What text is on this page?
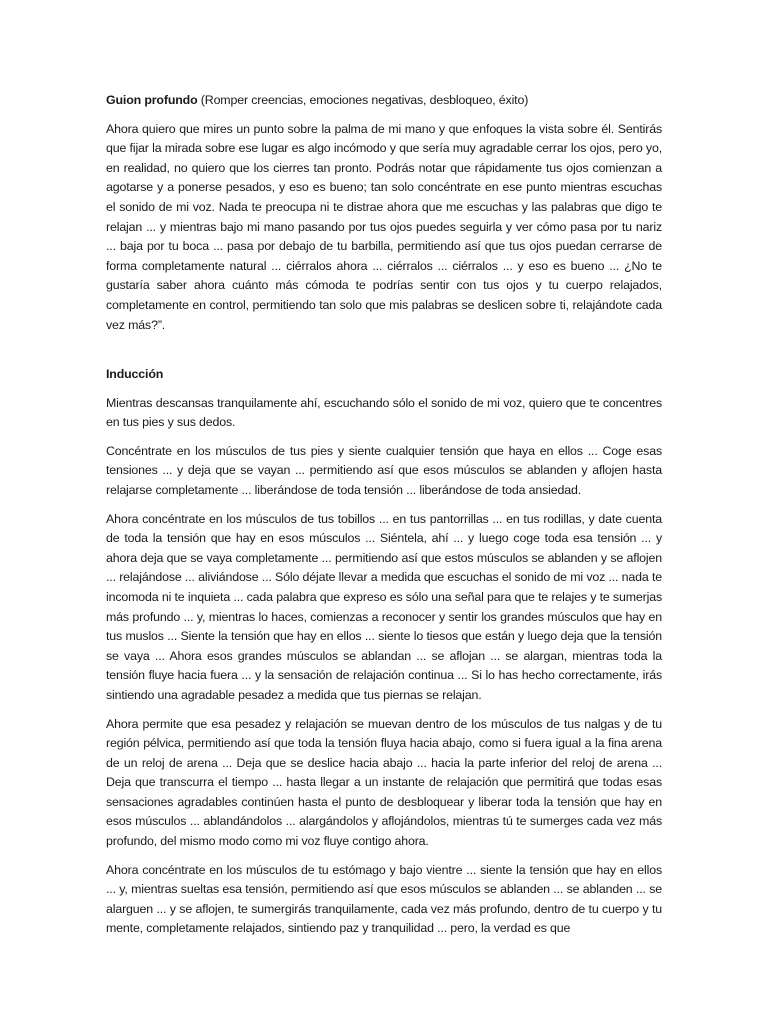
Guion profundo (Romper creencias, emociones negativas, desbloqueo, éxito)

Ahora quiero que mires un punto sobre la palma de mi mano y que enfoques la vista sobre él. Sentirás que fijar la mirada sobre ese lugar es algo incómodo y que sería muy agradable cerrar los ojos, pero yo, en realidad, no quiero que los cierres tan pronto. Podrás notar que rápidamente tus ojos comienzan a agotarse y a ponerse pesados, y eso es bueno; tan solo concéntrate en ese punto mientras escuchas el sonido de mi voz. Nada te preocupa ni te distrae ahora que me escuchas y las palabras que digo te relajan ... y mientras bajo mi mano pasando por tus ojos puedes seguirla y ver cómo pasa por tu nariz ... baja por tu boca ... pasa por debajo de tu barbilla, permitiendo así que tus ojos puedan cerrarse de forma completamente natural ... ciérralos ahora ... ciérralos ... ciérralos ... y eso es bueno ... ¿No te gustaría saber ahora cuánto más cómoda te podrías sentir con tus ojos y tu cuerpo relajados, completamente en control, permitiendo tan solo que mis palabras se deslicen sobre ti, relajándote cada vez más?”.

Inducción

Mientras descansas tranquilamente ahí, escuchando sólo el sonido de mi voz, quiero que te concentres en tus pies y sus dedos.

Concéntrate en los músculos de tus pies y siente cualquier tensión que haya en ellos ... Coge esas tensiones ... y deja que se vayan ... permitiendo así que esos músculos se ablanden y aflojen hasta relajarse completamente ... liberándose de toda tensión ... liberándose de toda ansiedad.

Ahora concéntrate en los músculos de tus tobillos ... en tus pantorrillas ... en tus rodillas, y date cuenta de toda la tensión que hay en esos músculos ... Siéntela, ahí ... y luego coge toda esa tensión ... y ahora deja que se vaya completamente ... permitiendo así que estos músculos se ablanden y se aflojen ... relajándose ... aliviándose ... Sólo déjate llevar a medida que escuchas el sonido de mi voz ... nada te incomoda ni te inquieta ... cada palabra que expreso es sólo una señal para que te relajes y te sumerjas más profundo ... y, mientras lo haces, comienzas a reconocer y sentir los grandes músculos que hay en tus muslos ... Siente la tensión que hay en ellos ... siente lo tiesos que están y luego deja que la tensión se vaya ... Ahora esos grandes músculos se ablandan ... se aflojan ... se alargan, mientras toda la tensión fluye hacia fuera ... y la sensación de relajación continua ... Si lo has hecho correctamente, irás sintiendo una agradable pesadez a medida que tus piernas se relajan.

Ahora permite que esa pesadez y relajación se muevan dentro de los músculos de tus nalgas y de tu región pélvica, permitiendo así que toda la tensión fluya hacia abajo, como si fuera igual a la fina arena de un reloj de arena ... Deja que se deslice hacia abajo ... hacia la parte inferior del reloj de arena ... Deja que transcurra el tiempo ... hasta llegar a un instante de relajación que permitirá que todas esas sensaciones agradables continúen hasta el punto de desbloquear y liberar toda la tensión que hay en esos músculos ... ablandándolos ... alargándolos y aflojándolos, mientras tú te sumerges cada vez más profundo, del mismo modo como mi voz fluye contigo ahora.

Ahora concéntrate en los músculos de tu estómago y bajo vientre ... siente la tensión que hay en ellos ... y, mientras sueltas esa tensión, permitiendo así que esos músculos se ablanden ... se ablanden ... se alarguen ... y se aflojen, te sumergirás tranquilamente, cada vez más profundo, dentro de tu cuerpo y tu mente, completamente relajados, sintiendo paz y tranquilidad ... pero, la verdad es que
